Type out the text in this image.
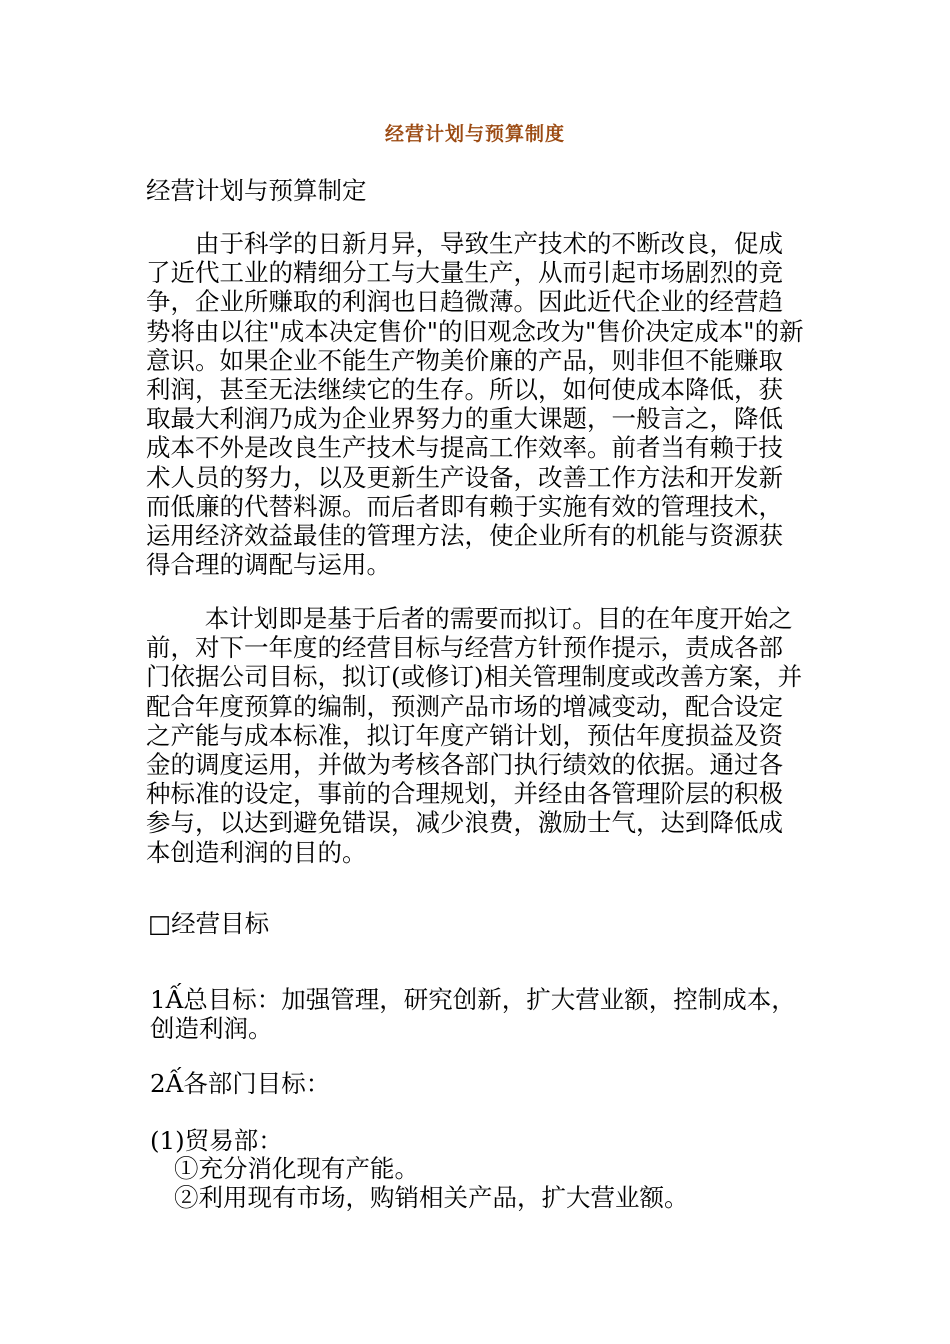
经营计划与预算制度
经营计划与预算制定
由于科学的日新月异，导致生产技术的不断改良，促成了近代工业的精细分工与大量生产，从而引起市场剧烈的竞争，企业所赚取的利润也日趋微薄。因此近代企业的经营趋势将由以往"成本决定售价"的旧观念改为"售价决定成本"的新意识。如果企业不能生产物美价廉的产品，则非但不能赚取利润，甚至无法继续它的生存。所以，如何使成本降低，获取最大利润乃成为企业界努力的重大课题，一般言之，降低成本不外是改良生产技术与提高工作效率。前者当有赖于技术人员的努力，以及更新生产设备，改善工作方法和开发新而低廉的代替料源。而后者即有赖于实施有效的管理技术，运用经济效益最佳的管理方法，使企业所有的机能与资源获得合理的调配与运用。
本计划即是基于后者的需要而拟订。目的在年度开始之前，对下一年度的经营目标与经营方针预作提示，责成各部门依据公司目标，拟订(或修订)相关管理制度或改善方案，并配合年度预算的编制，预测产品市场的增减变动，配合设定之产能与成本标准，拟订年度产销计划，预估年度损益及资金的调度运用，并做为考核各部门执行绩效的依据。通过各种标准的设定，事前的合理规划，并经由各管理阶层的积极参与，以达到避免错误，减少浪费，激励士气，达到降低成本创造利润的目的。
□经营目标
1Ấ总目标：加强管理，研究创新，扩大营业额，控制成本，创造利润。
2Ấ各部门目标：
(1)贸易部：
①充分消化现有产能。
②利用现有市场，购销相关产品，扩大营业额。
